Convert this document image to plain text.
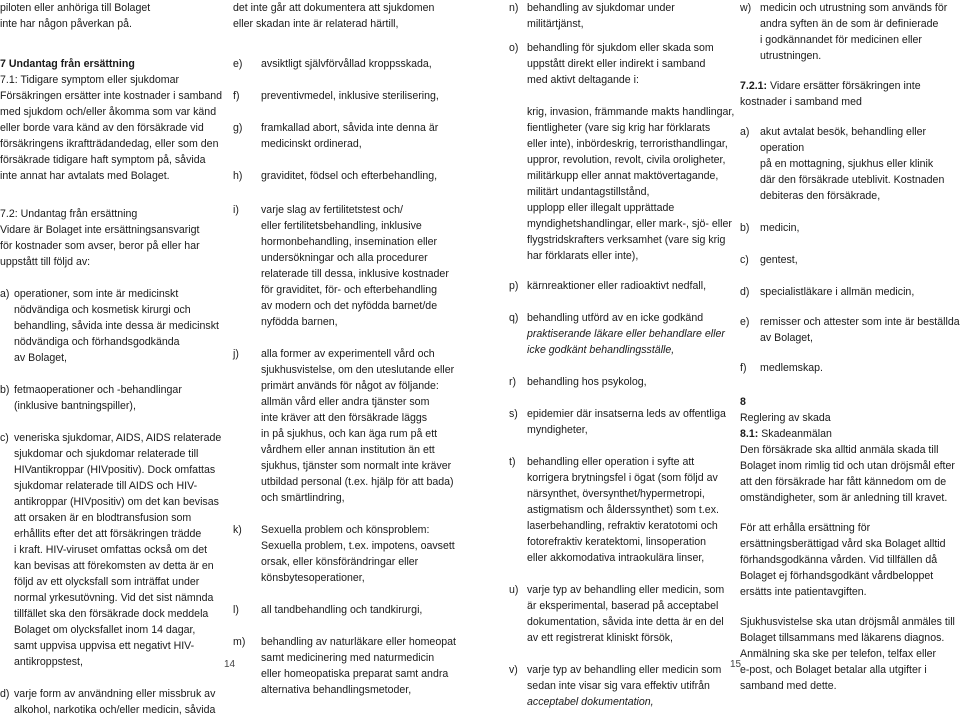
piloten eller anhöriga till Bolaget

inte har någon påverkan på.

7 Undantag från ersättning

7.1: Tidigare symptom eller sjukdomar

Försäkringen ersätter inte kostnader i samband

med sjukdom och/eller åkomma som var känd

eller borde vara känd av den försäkrade vid

försäkringens ikraftträdandedag, eller som den

försäkrade tidigare haft symptom på, såvida

inte annat har avtalats med Bolaget.

7.2: Undantag från ersättning

Vidare är Bolaget inte ersättningsansvarigt

för kostnader som avser, beror på eller har

uppstått till följd av:

a) operationer, som inte är medicinskt

nödvändiga och kosmetisk kirurgi och

behandling, såvida inte dessa är medicinskt

nödvändiga och förhandsgodkända

av Bolaget,

b) fetmaoperationer och -behandlingar

(inklusive bantningspiller),

c) veneriska sjukdomar, AIDS, AIDS relaterade

sjukdomar och sjukdomar relaterade till

HIVantikroppar (HIVpositiv). Dock omfattas

sjukdomar relaterade till AIDS och HIV-

antikroppar (HIVpositiv) om det kan bevisas

att orsaken är en blodtransfusion som

erhållits efter det att försäkringen trädde

i kraft. HIV-viruset omfattas också om det

kan bevisas att förekomsten av detta är en

följd av ett olycksfall som inträffat under

normal yrkesutövning. Vid det sist nämnda

tillfället ska den försäkrade dock meddela

Bolaget om olycksfallet inom 14 dagar,

samt uppvisa uppvisa ett negativt HIV-

antikroppstest,

d) varje form av användning eller missbruk av

alkohol, narkotika och/eller medicin, såvida

det inte går att dokumentera att sjukdomen

eller skadan inte är relaterad härtill,

e)	avsiktligt självförvållad kroppsskada,

f)	preventivmedel, inklusive sterilisering,

g)	framkallad abort, såvida inte denna är

medicinskt ordinerad,

h)	graviditet, födsel och efterbehandling,

i)	varje slag av fertilitetstest och/

eller fertilitetsbehandling, inklusive

hormonbehandling, insemination eller

undersökningar och alla procedurer

relaterade till dessa, inklusive kostnader

för graviditet, för- och efterbehandling

av modern och det nyfödda barnet/de

nyfödda barnen,

j)	alla former av experimentell vård och

sjukhusvistelse, om den uteslutande eller

primärt används för något av följande:

allmän vård eller andra tjänster som

inte kräver att den försäkrade läggs

in på sjukhus, och kan äga rum på ett

vårdhem eller annan institution än ett

sjukhus, tjänster som normalt inte kräver

utbildad personal (t.ex. hjälp för att bada)

och smärtlindring,

k)	Sexuella problem och könsproblem:

Sexuella problem, t.ex. impotens, oavsett

orsak, eller könsförändringar eller

könsbytesoperationer,

l)	all tandbehandling och tandkirurgi,

m)	behandling av naturläkare eller homeopat

samt medicinering med naturmedicin

eller homeopatiska preparat samt andra

alternativa behandlingsmetoder,

n) behandling av sjukdomar under

militärtjänst,

o) behandling för sjukdom eller skada som

uppstått direkt eller indirekt i samband

med aktivt deltagande i:

krig, invasion, främmande makts handlingar,

fientligheter (vare sig krig har förklarats

eller inte), inbördeskrig, terroristhandlingar,

uppror, revolution, revolt, civila oroligheter,

militärkupp eller annat maktövertagande,

militärt undantagstillstånd,

upplopp eller illegalt upprättade

myndighetshandlingar, eller mark-, sjö- eller

flygstridskrafters verksamhet (vare sig krig

har förklarats eller inte),

p) kärnreaktioner eller radioaktivt nedfall,

q) behandling utförd av en icke godkänd

praktiserande läkare eller behandlare eller

icke godkänt behandlingsställe,

r)	behandling hos psykolog,

s) epidemier där insatserna leds av offentliga

myndigheter,

t)	behandling eller operation i syfte att

korrigera brytningsfel i ögat (som följd av

närsynthet, översynthet/hypermetropi,

astigmatism och ålderssynthet) som t.ex.

laserbehandling, refraktiv keratotomi och

fotorefraktiv keratektomi, linsoperation

eller akkomodativa intraokulära linser,

u) varje typ av behandling eller medicin, som

är eksperimental, baserad på acceptabel

dokumentation, såvida inte detta är en del

av ett registrerat kliniskt försök,

v) varje typ av behandling eller medicin som

sedan inte visar sig vara effektiv utifrån

acceptabel dokumentation,

w) medicin och utrustning som används för

andra syften än de som är definierade

i godkännandet för medicinen eller

utrustningen.

7.2.1: Vidare ersätter försäkringen inte

kostnader i samband med

a) akut avtalat besök, behandling eller operation

på en mottagning, sjukhus eller klinik

där den försäkrade uteblivit. Kostnaden

debiteras den försäkrade,

b) medicin,

c)	gentest,

d) specialistläkare i allmän medicin,

e) remisser och attester som inte är beställda

av Bolaget,

f)	medlemskap.

8

Reglering av skada

8.1: Skadeanmälan

Den försäkrade ska alltid anmäla skada till

Bolaget inom rimlig tid och utan dröjsmål efter

att den försäkrade har fått kännedom om de

omständigheter, som är anledning till kravet.

För att erhålla ersättning för

ersättningsberättigad vård ska Bolaget alltid

förhandsgodkänna vården. Vid tillfällen då

Bolaget ej förhandsgodkänt vårdbeloppet

ersätts inte patientavgiften.

Sjukhusvistelse ska utan dröjsmål anmäles till

Bolaget tillsammans med läkarens diagnos.

Anmälning ska ske per telefon, telfax eller

e-post, och Bolaget betalar alla utgifter i

samband med dette.

14	15
